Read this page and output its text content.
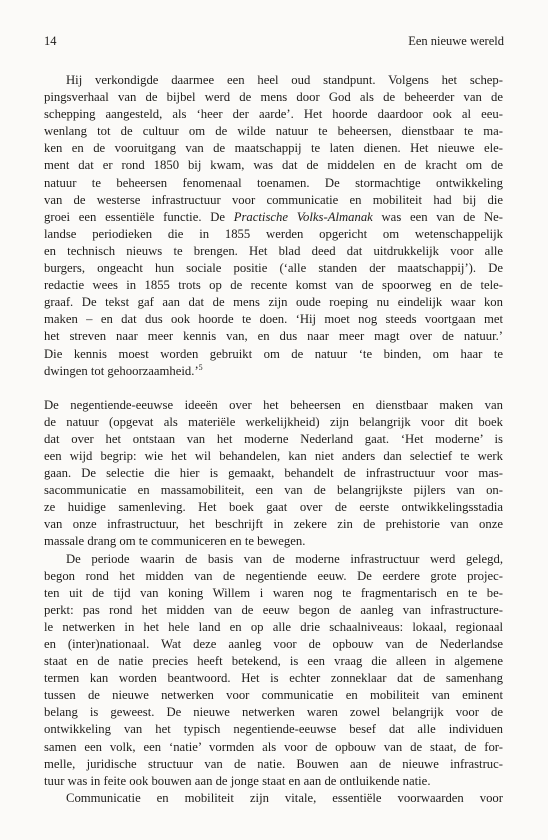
14	Een nieuwe wereld
Hij verkondigde daarmee een heel oud standpunt. Volgens het schep-
pingsverhaal van de bijbel werd de mens door God als de beheerder van de
schepping aangesteld, als ‘heer der aarde’. Het hoorde daardoor ook al eeu-
wenlang tot de cultuur om de wilde natuur te beheersen, dienstbaar te ma-
ken en de vooruitgang van de maatschappij te laten dienen. Het nieuwe ele-
ment dat er rond 1850 bij kwam, was dat de middelen en de kracht om de
natuur te beheersen fenomenaal toenamen. De stormachtige ontwikkeling
van de westerse infrastructuur voor communicatie en mobiliteit had bij die
groei een essentiële functie. De Practische Volks-Almanak was een van de Ne-
landse periodieken die in 1855 werden opgericht om wetenschappelijk
en technisch nieuws te brengen. Het blad deed dat uitdrukkelijk voor alle
burgers, ongeacht hun sociale positie (‘alle standen der maatschappij’). De
redactie wees in 1855 trots op de recente komst van de spoorweg en de tele-
graaf. De tekst gaf aan dat de mens zijn oude roeping nu eindelijk waar kon
maken – en dat dus ook hoorde te doen. ‘Hij moet nog steeds voortgaan met
het streven naar meer kennis van, en dus naar meer magt over de natuur.’
Die kennis moest worden gebruikt om de natuur ‘te binden, om haar te
dwingen tot gehoorzaamheid.’$^5$
De negentiende-eeuwse ideeën over het beheersen en dienstbaar maken van
de natuur (opgevat als materiële werkelijkheid) zijn belangrijk voor dit boek
dat over het ontstaan van het moderne Nederland gaat. ‘Het moderne’ is
een wijd begrip: wie het wil behandelen, kan niet anders dan selectief te werk
gaan. De selectie die hier is gemaakt, behandelt de infrastructuur voor mas-
sacommunicatie en massamobiliteit, een van de belangrijkste pijlers van on-
ze huidige samenleving. Het boek gaat over de eerste ontwikkelingsstadia
van onze infrastructuur, het beschrijft in zekere zin de prehistorie van onze
massale drang om te communiceren en te bewegen.
De periode waarin de basis van de moderne infrastructuur werd gelegd,
begon rond het midden van de negentiende eeuw. De eerdere grote projec-
ten uit de tijd van koning Willem i waren nog te fragmentarisch en te be-
perkt: pas rond het midden van de eeuw begon de aanleg van infrastructure-
le netwerken in het hele land en op alle drie schaalniveaus: lokaal, regionaal
en (inter)nationaal. Wat deze aanleg voor de opbouw van de Nederlandse
staat en de natie precies heeft betekend, is een vraag die alleen in algemene
termen kan worden beantwoord. Het is echter zonneklaar dat de samenhang
tussen de nieuwe netwerken voor communicatie en mobiliteit van eminent
belang is geweest. De nieuwe netwerken waren zowel belangrijk voor de
ontwikkeling van het typisch negentiende-eeuwse besef dat alle individuen
samen een volk, een ‘natie’ vormden als voor de opbouw van de staat, de for-
melle, juridische structuur van de natie. Bouwen aan de nieuwe infrastruc-
tuur was in feite ook bouwen aan de jonge staat en aan de ontluikende natie.
Communicatie en mobiliteit zijn vitale, essentiële voorwaarden voor
